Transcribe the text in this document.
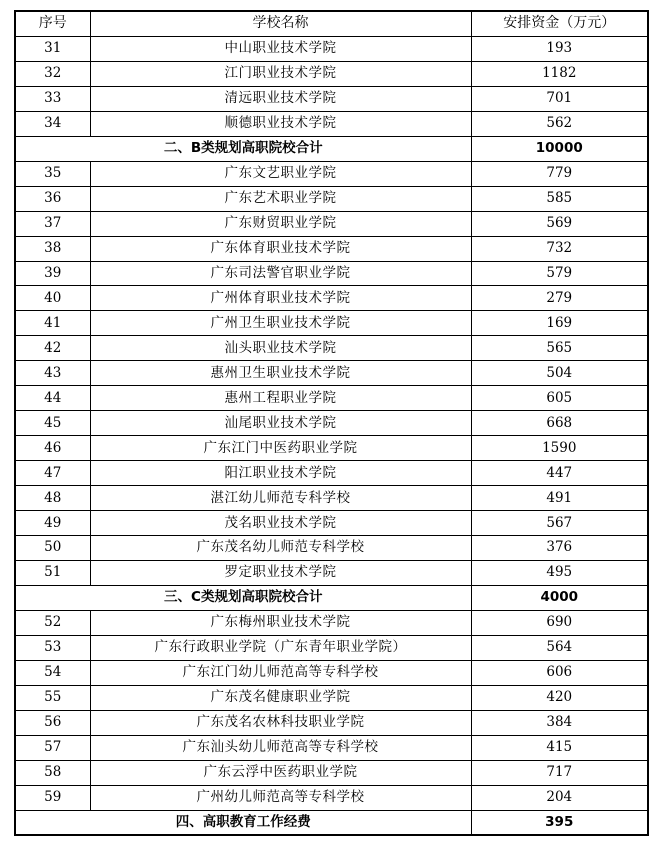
序号	学校名称	安排资金（万元）
31	中山职业技术学院	193
32	江门职业技术学院	1182
33	清远职业技术学院	701
34	顺德职业技术学院	562
二、B类规划高职院校合计		10000
35	广东文艺职业学院	779
36	广东艺术职业学院	585
37	广东财贸职业学院	569
38	广东体育职业技术学院	732
39	广东司法警官职业学院	579
40	广州体育职业技术学院	279
41	广州卫生职业技术学院	169
42	汕头职业技术学院	565
43	惠州卫生职业技术学院	504
44	惠州工程职业学院	605
45	汕尾职业技术学院	668
46	广东江门中医药职业学院	1590
47	阳江职业技术学院	447
48	湛江幼儿师范专科学校	491
49	茂名职业技术学院	567
50	广东茂名幼儿师范专科学校	376
51	罗定职业技术学院	495
三、C类规划高职院校合计		4000
52	广东梅州职业技术学院	690
53	广东行政职业学院（广东青年职业学院）	564
54	广东江门幼儿师范高等专科学校	606
55	广东茂名健康职业学院	420
56	广东茂名农林科技职业学院	384
57	广东汕头幼儿师范高等专科学校	415
58	广东云浮中医药职业学院	717
59	广州幼儿师范高等专科学校	204
四、高职教育工作经费		395
